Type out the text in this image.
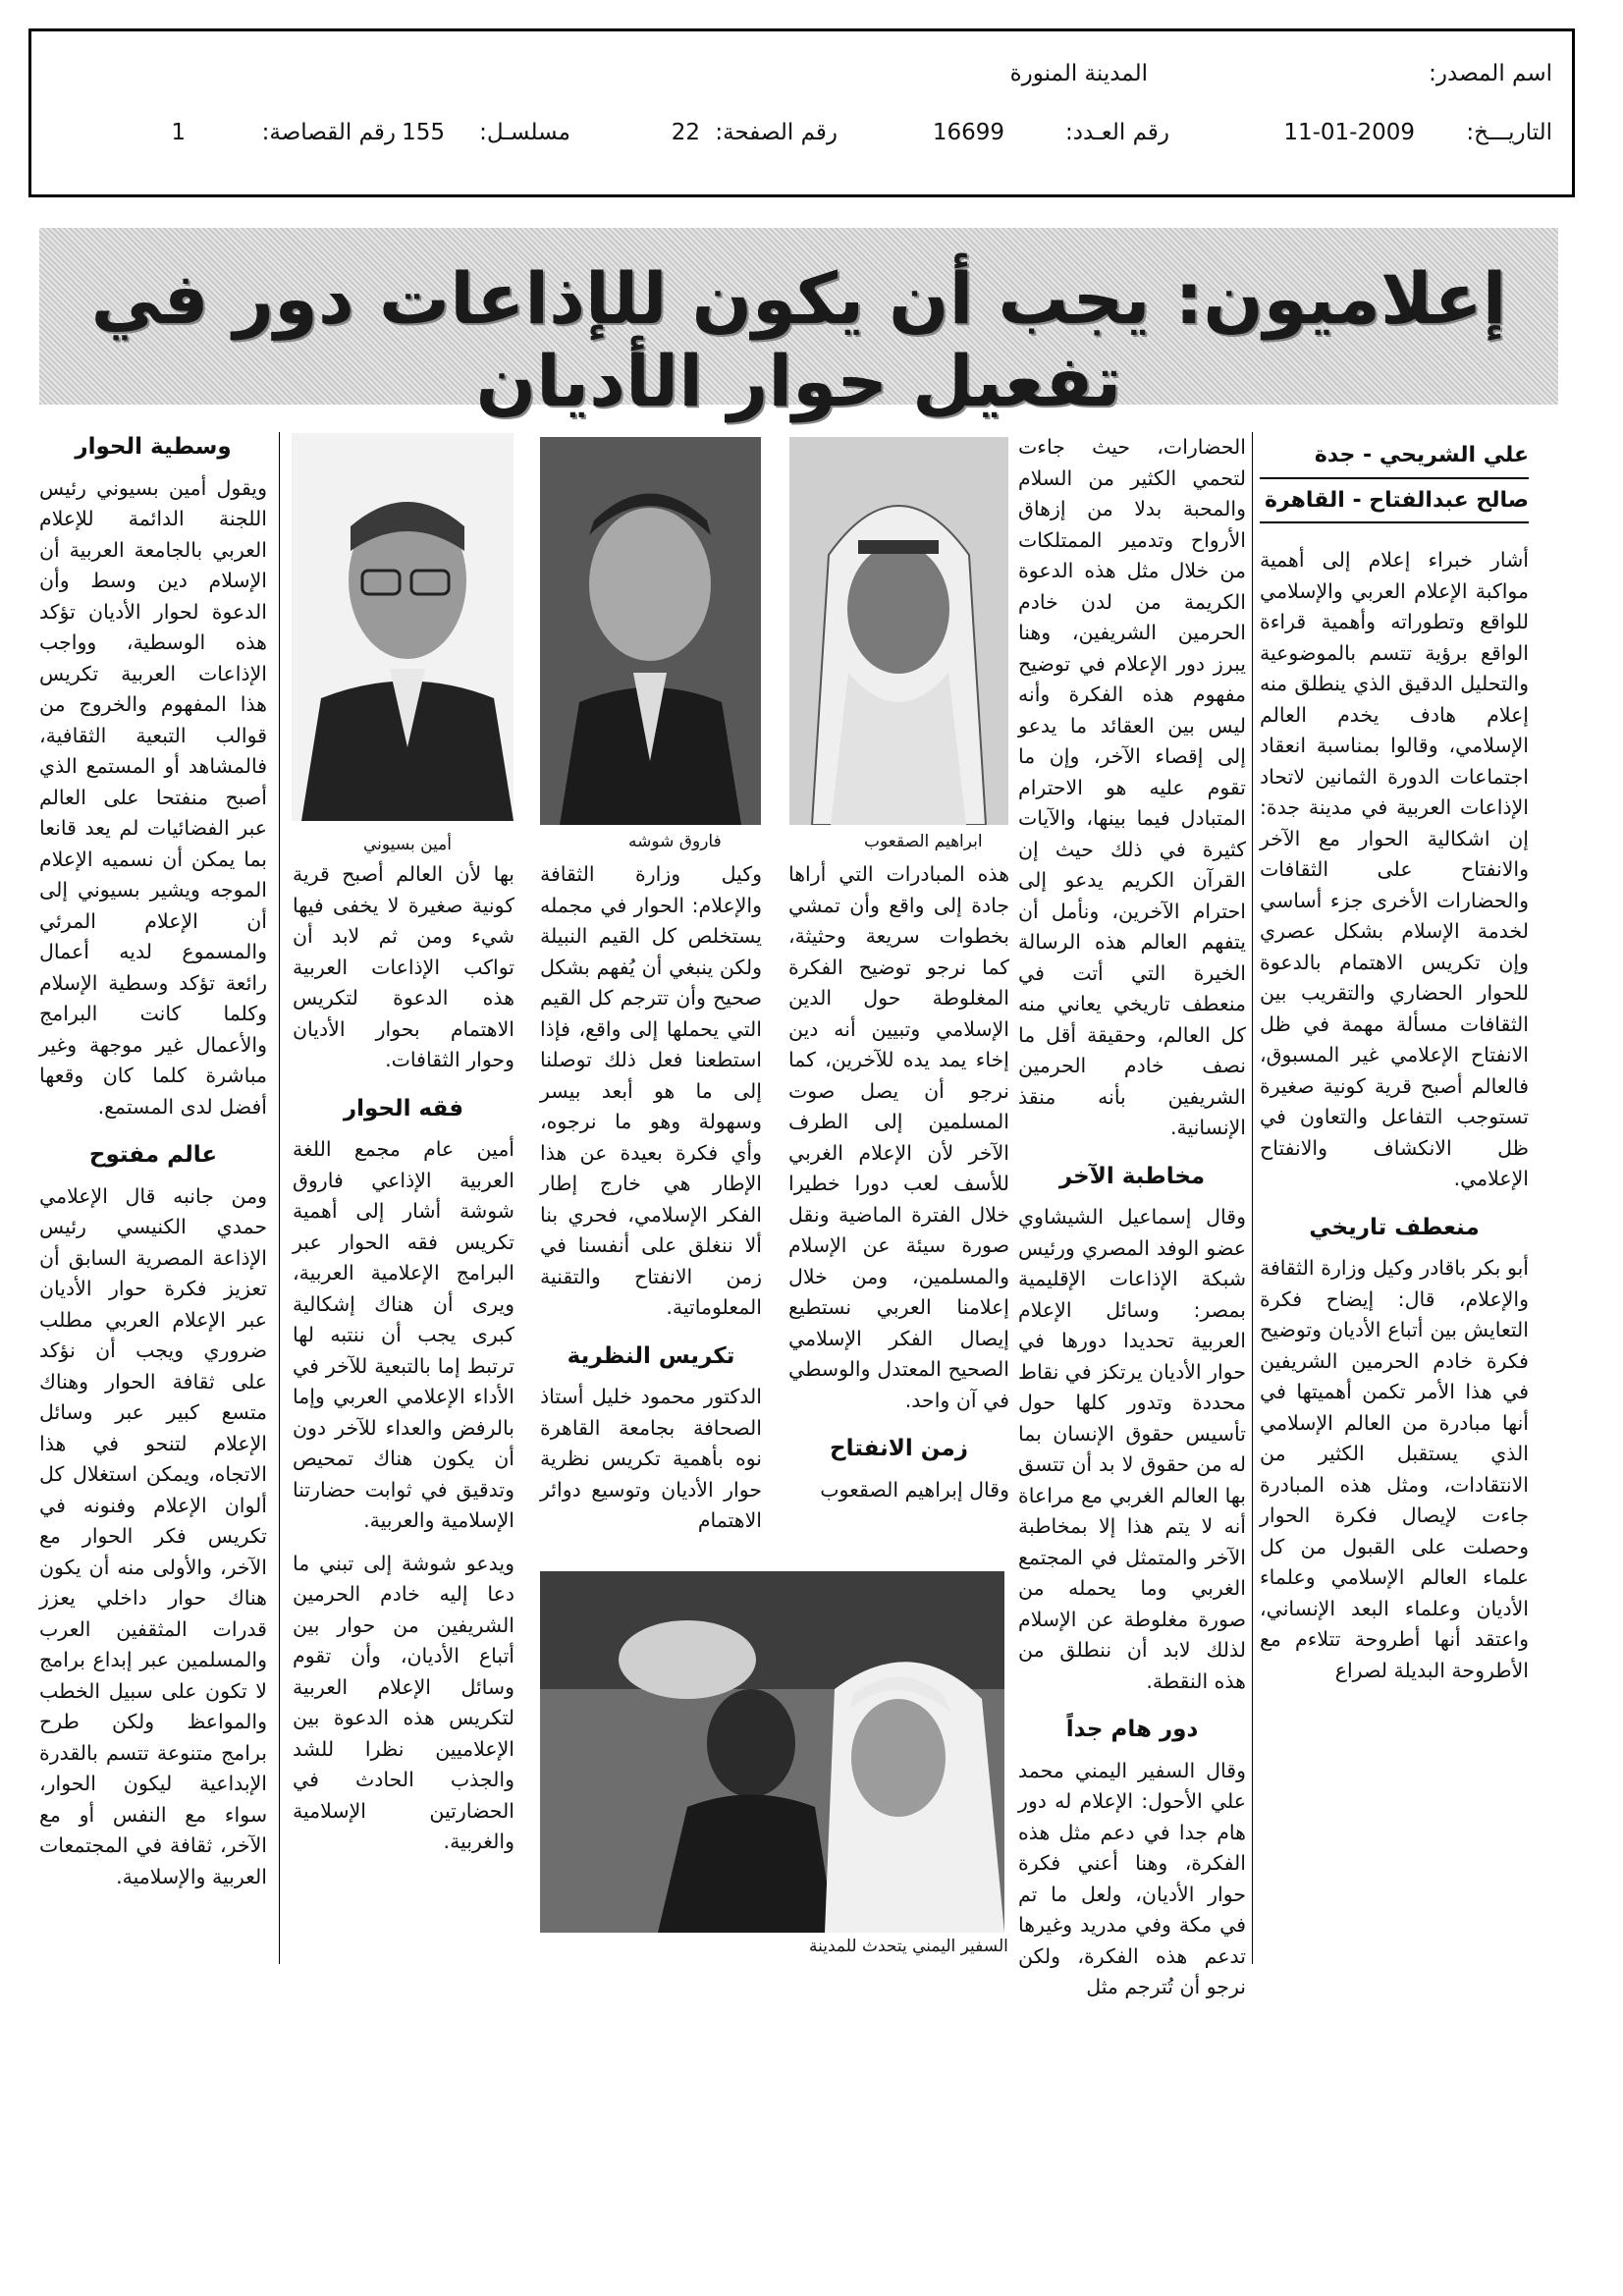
اسم المصدر:
المدينة المنورة
التاريـــخ:
11-01-2009
رقم العـدد:
16699
رقم الصفحة:
22
مسلسـل:
155
رقم القصاصة:
1
إعلاميون: يجب أن يكون للإذاعات دور في تفعيل حوار الأديان
علي الشريحي - جدة
صالح عبدالفتاح - القاهرة

أشار خبراء إعلام إلى أهمية مواكبة الإعلام العربي والإسلامي للواقع وتطوراته وأهمية قراءة الواقع برؤية تتسم بالموضوعية والتحليل الدقيق الذي ينطلق منه إعلام هادف يخدم العالم الإسلامي، وقالوا بمناسبة انعقاد اجتماعات الدورة الثمانين لاتحاد الإذاعات العربية في مدينة جدة: إن اشكالية الحوار مع الآخر والانفتاح على الثقافات والحضارات الأخرى جزء أساسي لخدمة الإسلام بشكل عصري وإن تكريس الاهتمام بالدعوة للحوار الحضاري والتقريب بين الثقافات مسألة مهمة في ظل الانفتاح الإعلامي غير المسبوق، فالعالم أصبح قرية كونية صغيرة تستوجب التفاعل والتعاون في ظل الانكشاف والانفتاح الإعلامي.

منعطف تاريخي

أبو بكر باقادر وكيل وزارة الثقافة والإعلام، قال: إيضاح فكرة التعايش بين أتباع الأديان وتوضيح فكرة خادم الحرمين الشريفين في هذا الأمر تكمن أهميتها في أنها مبادرة من العالم الإسلامي الذي يستقبل الكثير من الانتقادات، ومثل هذه المبادرة جاءت لإيصال فكرة الحوار وحصلت على القبول من كل علماء العالم الإسلامي وعلماء الأديان وعلماء البعد الإنساني، واعتقد أنها أطروحة تتلاءم مع الأطروحة البديلة لصراع

الحضارات، حيث جاءت لتحمي الكثير من السلام والمحبة بدلا من إزهاق الأرواح وتدمير الممتلكات من خلال مثل هذه الدعوة الكريمة من لدن خادم الحرمين الشريفين، وهنا يبرز دور الإعلام في توضيح مفهوم هذه الفكرة وأنه ليس بين العقائد ما يدعو إلى إقصاء الآخر، وإن ما تقوم عليه هو الاحترام المتبادل فيما بينها، والآيات كثيرة في ذلك حيث إن القرآن الكريم يدعو إلى احترام الآخرين، ونأمل أن يتفهم العالم هذه الرسالة الخيرة التي أتت في منعطف تاريخي يعاني منه كل العالم، وحقيقة أقل ما نصف خادم الحرمين الشريفين بأنه منقذ الإنسانية.

مخاطبة الآخر

وقال إسماعيل الشيشاوي عضو الوفد المصري ورئيس شبكة الإذاعات الإقليمية بمصر: وسائل الإعلام العربية تحديدا دورها في حوار الأديان يرتكز في نقاط محددة وتدور كلها حول تأسيس حقوق الإنسان بما له من حقوق لا بد أن تتسق بها العالم الغربي مع مراعاة أنه لا يتم هذا إلا بمخاطبة الآخر والمتمثل في المجتمع الغربي وما يحمله من صورة مغلوطة عن الإسلام لذلك لابد أن ننطلق من هذه النقطة.

دور هام جداً

وقال السفير اليمني محمد علي الأحول: الإعلام له دور هام جدا في دعم مثل هذه الفكرة، وهنا أعني فكرة حوار الأديان، ولعل ما تم في مكة وفي مدريد وغيرها تدعم هذه الفكرة، ولكن نرجو أن تُترجم مثل

ابراهيم الصقعوب
فاروق شوشه
أمين بسيوني

هذه المبادرات التي أراها جادة إلى واقع وأن تمشي بخطوات سريعة وحثيثة، كما نرجو توضيح الفكرة المغلوطة حول الدين الإسلامي وتبيين أنه دين إخاء يمد يده للآخرين، كما نرجو أن يصل صوت المسلمين إلى الطرف الآخر لأن الإعلام الغربي للأسف لعب دورا خطيرا خلال الفترة الماضية ونقل صورة سيئة عن الإسلام والمسلمين، ومن خلال إعلامنا العربي نستطيع إيصال الفكر الإسلامي الصحيح المعتدل والوسطي في آن واحد.

زمن الانفتاح

وقال إبراهيم الصقعوب

وكيل وزارة الثقافة والإعلام: الحوار في مجمله يستخلص كل القيم النبيلة ولكن ينبغي أن يُفهم بشكل صحيح وأن تترجم كل القيم التي يحملها إلى واقع، فإذا استطعنا فعل ذلك توصلنا إلى ما هو أبعد بيسر وسهولة وهو ما نرجوه، وأي فكرة بعيدة عن هذا الإطار هي خارج إطار الفكر الإسلامي، فحري بنا ألا ننغلق على أنفسنا في زمن الانفتاح والتقنية المعلوماتية.

تكريس النظرية

الدكتور محمود خليل أستاذ الصحافة بجامعة القاهرة نوه بأهمية تكريس نظرية حوار الأديان وتوسيع دوائر الاهتمام

بها لأن العالم أصبح قرية كونية صغيرة لا يخفى فيها شيء ومن ثم لابد أن تواكب الإذاعات العربية هذه الدعوة لتكريس الاهتمام بحوار الأديان وحوار الثقافات.

فقه الحوار

أمين عام مجمع اللغة العربية الإذاعي فاروق شوشة أشار إلى أهمية تكريس فقه الحوار عبر البرامج الإعلامية العربية، ويرى أن هناك إشكالية كبرى يجب أن ننتبه لها ترتبط إما بالتبعية للآخر في الأداء الإعلامي العربي وإما بالرفض والعداء للآخر دون أن يكون هناك تمحيص وتدقيق في ثوابت حضارتنا الإسلامية والعربية.

ويدعو شوشة إلى تبني ما دعا إليه خادم الحرمين الشريفين من حوار بين أتباع الأديان، وأن تقوم وسائل الإعلام العربية لتكريس هذه الدعوة بين الإعلاميين نظرا للشد والجذب الحادث في الحضارتين الإسلامية والغربية.

وسطية الحوار

ويقول أمين بسيوني رئيس اللجنة الدائمة للإعلام العربي بالجامعة العربية أن الإسلام دين وسط وأن الدعوة لحوار الأديان تؤكد هذه الوسطية، وواجب الإذاعات العربية تكريس هذا المفهوم والخروج من قوالب التبعية الثقافية، فالمشاهد أو المستمع الذي أصبح منفتحا على العالم عبر الفضائيات لم يعد قانعا بما يمكن أن نسميه الإعلام الموجه ويشير بسيوني إلى أن الإعلام المرئي والمسموع لديه أعمال رائعة تؤكد وسطية الإسلام وكلما كانت البرامج والأعمال غير موجهة وغير مباشرة كلما كان وقعها أفضل لدى المستمع.

عالم مفتوح

ومن جانبه قال الإعلامي حمدي الكنيسي رئيس الإذاعة المصرية السابق أن تعزيز فكرة حوار الأديان عبر الإعلام العربي مطلب ضروري ويجب أن نؤكد على ثقافة الحوار وهناك متسع كبير عبر وسائل الإعلام لتنحو في هذا الاتجاه، ويمكن استغلال كل ألوان الإعلام وفنونه في تكريس فكر الحوار مع الآخر، والأولى منه أن يكون هناك حوار داخلي يعزز قدرات المثقفين العرب والمسلمين عبر إبداع برامج لا تكون على سبيل الخطب والمواعظ ولكن طرح برامج متنوعة تتسم بالقدرة الإبداعية ليكون الحوار، سواء مع النفس أو مع الآخر، ثقافة في المجتمعات العربية والإسلامية.

السفير اليمني يتحدث للمدينة
